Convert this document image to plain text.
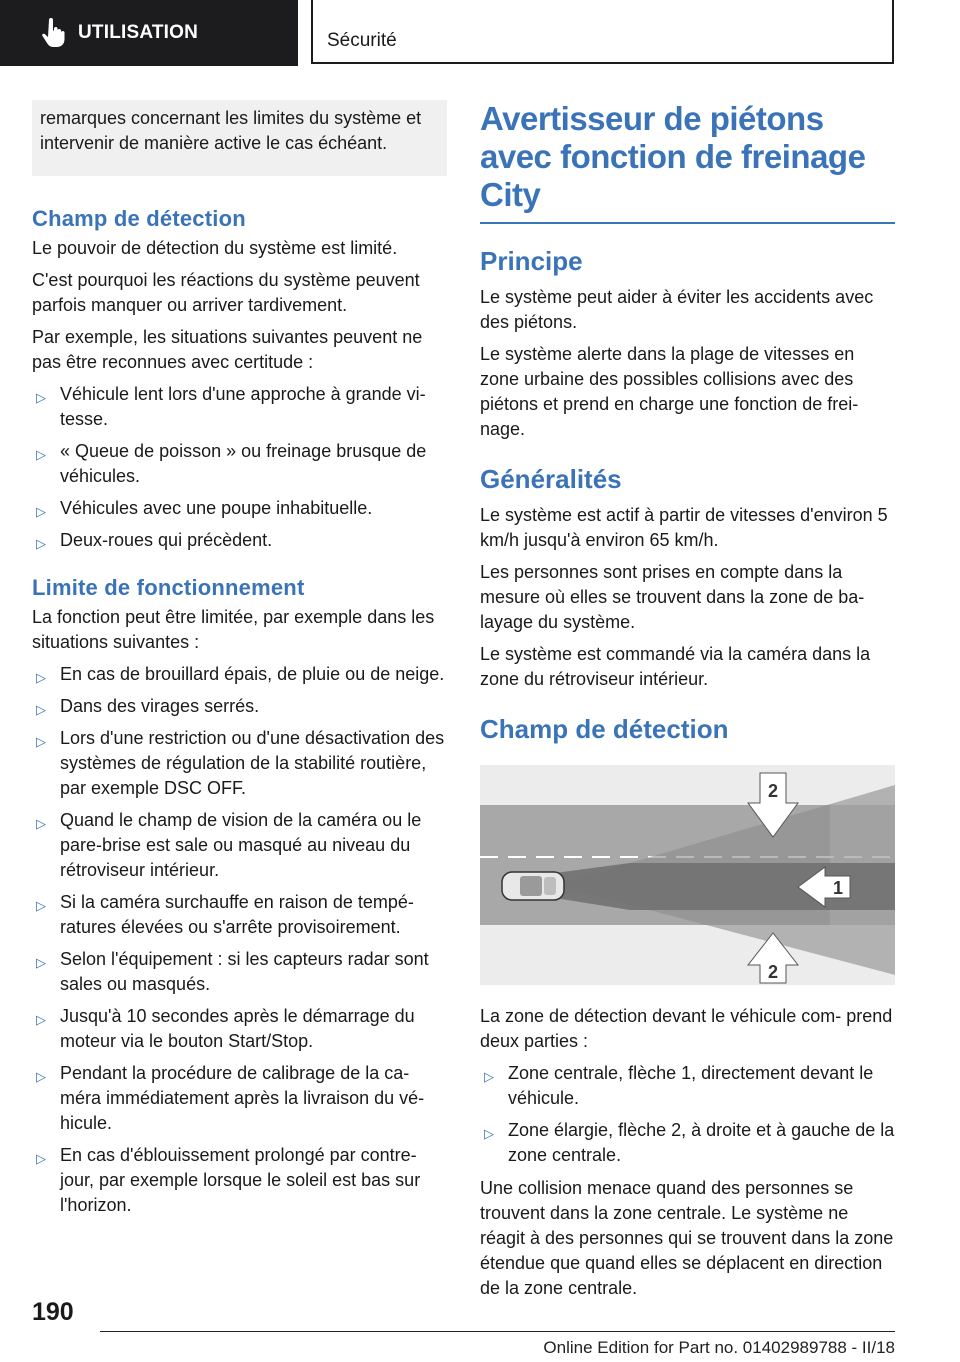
UTILISATION	Sécurité

remarques concernant les limites du système et intervenir de manière active le cas échéant.

Champ de détection

Le pouvoir de détection du système est limité.

C'est pourquoi les réactions du système peuvent parfois manquer ou arriver tardivement.

Par exemple, les situations suivantes peuvent ne pas être reconnues avec certitude :

▷ Véhicule lent lors d'une approche à grande vi‐ tesse.
▷ « Queue de poisson » ou freinage brusque de véhicules.
▷ Véhicules avec une poupe inhabituelle.
▷ Deux-roues qui précèdent.
Limite de fonctionnement

La fonction peut être limitée, par exemple dans les situations suivantes :

▷ En cas de brouillard épais, de pluie ou de neige.
▷ Dans des virages serrés.
▷ Lors d'une restriction ou d'une désactivation des systèmes de régulation de la stabilité routière, par exemple DSC OFF.
▷ Quand le champ de vision de la caméra ou le pare-brise est sale ou masqué au niveau du rétroviseur intérieur.
▷ Si la caméra surchauffe en raison de tempé‐ ratures élevées ou s'arrête provisoirement.
▷ Selon l'équipement : si les capteurs radar sont sales ou masqués.
▷ Jusqu'à 10 secondes après le démarrage du moteur via le bouton Start/Stop.
▷ Pendant la procédure de calibrage de la ca‐ méra immédiatement après la livraison du vé‐ hicule.
▷ En cas d'éblouissement prolongé par contre- jour, par exemple lorsque le soleil est bas sur l'horizon.
Avertisseur de piétons avec fonction de freinage City
Principe

Le système peut aider à éviter les accidents avec des piétons.

Le système alerte dans la plage de vitesses en zone urbaine des possibles collisions avec des piétons et prend en charge une fonction de frei‐ nage.

Généralités

Le système est actif à partir de vitesses d'environ 5 km/h jusqu'à environ 65 km/h.

Les personnes sont prises en compte dans la mesure où elles se trouvent dans la zone de ba‐ layage du système.

Le système est commandé via la caméra dans la zone du rétroviseur intérieur.

Champ de détection
2
1
2

La zone de détection devant le véhicule com‐ prend deux parties :

▷ Zone centrale, flèche 1, directement devant le véhicule.
▷ Zone élargie, flèche 2, à droite et à gauche de la zone centrale.

Une collision menace quand des personnes se trouvent dans la zone centrale. Le système ne réagit à des personnes qui se trouvent dans la zone étendue que quand elles se déplacent en direction de la zone centrale.

190
Online Edition for Part no. 01402989788 - II/18
